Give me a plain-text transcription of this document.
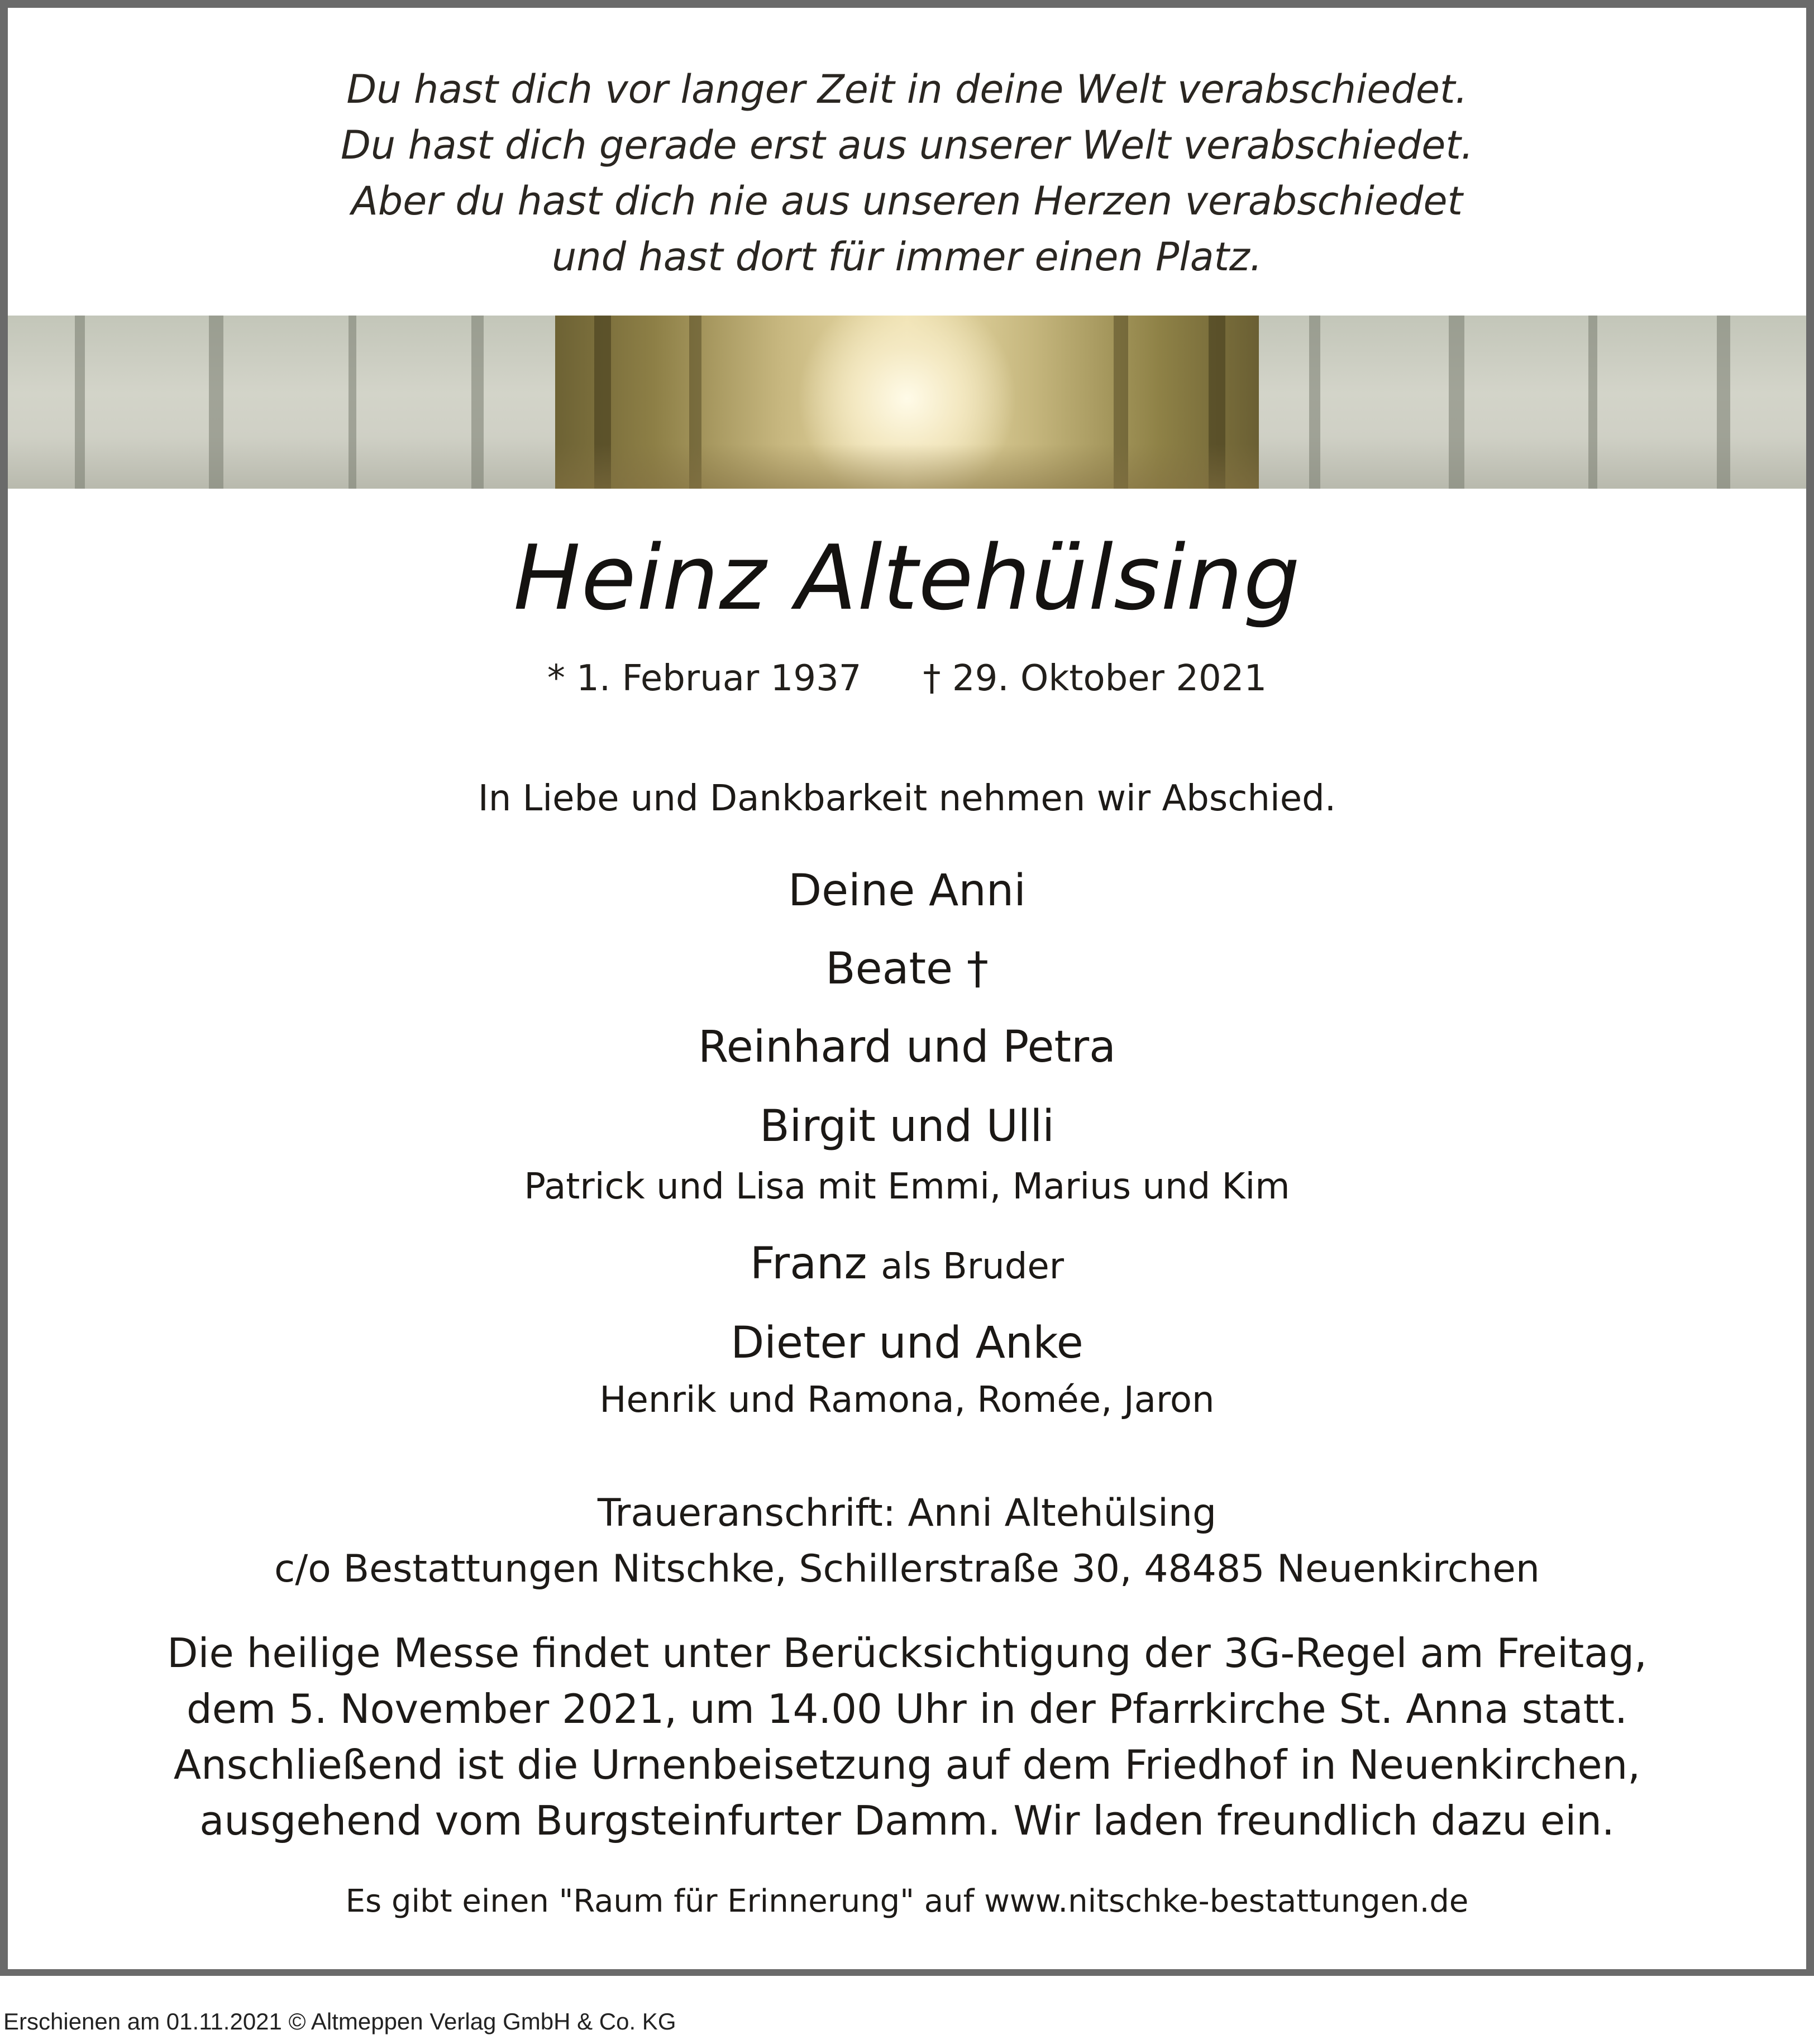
Du hast dich vor langer Zeit in deine Welt verabschiedet.
Du hast dich gerade erst aus unserer Welt verabschiedet.
Aber du hast dich nie aus unseren Herzen verabschiedet
und hast dort für immer einen Platz.
Heinz Altehülsing
* 1. Februar 1937 † 29. Oktober 2021
In Liebe und Dankbarkeit nehmen wir Abschied.
Deine Anni
Beate †
Reinhard und Petra
Birgit und Ulli
Patrick und Lisa mit Emmi, Marius und Kim
Franz als Bruder
Dieter und Anke
Henrik und Ramona, Romée, Jaron
Traueranschrift: Anni Altehülsing
c/o Bestattungen Nitschke, Schillerstraße 30, 48485 Neuenkirchen
Die heilige Messe findet unter Berücksichtigung der 3G-Regel am Freitag,
dem 5. November 2021, um 14.00 Uhr in der Pfarrkirche St. Anna statt.
Anschließend ist die Urnenbeisetzung auf dem Friedhof in Neuenkirchen,
ausgehend vom Burgsteinfurter Damm. Wir laden freundlich dazu ein.
Es gibt einen "Raum für Erinnerung" auf www.nitschke-bestattungen.de
Erschienen am 01.11.2021 © Altmeppen Verlag GmbH & Co. KG
